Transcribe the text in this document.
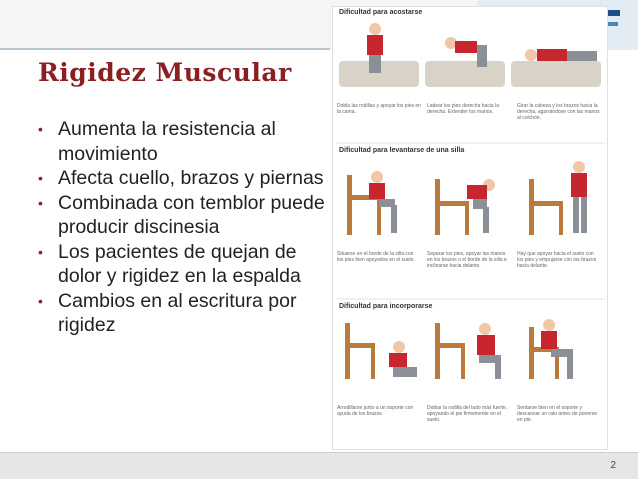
Rigidez Muscular
• Aumenta la resistencia al movimiento
• Afecta cuello, brazos y piernas
• Combinada con temblor puede producir discinesia
• Los pacientes de quejan de dolor y rigidez en la espalda
• Cambios en al escritura por rigidez
Dificultad para acostarse
Dobla las rodillas y apoyar los pies en la cama.
Ladear los pies derecha hacia la derecha. Extender los manos.
Girar la cabeza y los brazos hacia la derecha, agarrándose con las manos al colchón.
Dificultad para levantarse de una silla
Situarse en el borde de la silla con los pies bien apoyados en el suelo.
Separar los pies, apoyar las manos en los brazos o el borde de la silla e inclinarse hacia delante.
Hay que apoyar hacia el suelo con los pies y empujarse con los brazos hacia delante.
Dificultad para incorporarse
Arrodillarse junto a un soporte con ayuda de los brazos.
Doblar la rodilla del lado más fuerte, apoyando el pie firmemente en el suelo.
Sentarse bien en el soporte y descansar un rato antes de ponerse en pie.
2
